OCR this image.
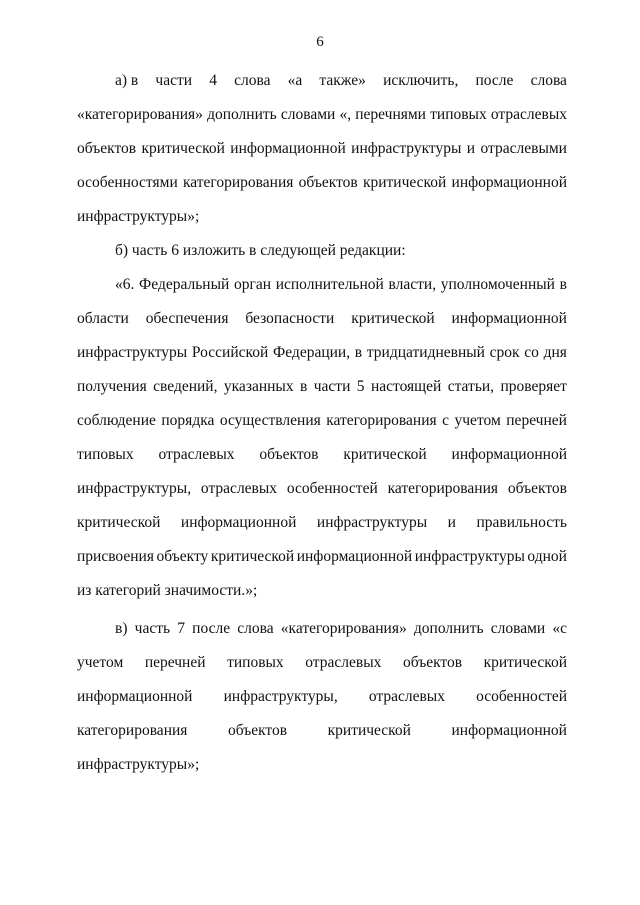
6
а) в части 4 слова «а также» исключить, после слова
«категорирования» дополнить словами «, перечнями типовых отраслевых
объектов критической информационной инфраструктуры и отраслевыми
особенностями категорирования объектов критической информационной
инфраструктуры»;
б) часть 6 изложить в следующей редакции:
«6. Федеральный орган исполнительной власти, уполномоченный в
области обеспечения безопасности критической информационной
инфраструктуры Российской Федерации, в тридцатидневный срок со дня
получения сведений, указанных в части 5 настоящей статьи, проверяет
соблюдение порядка осуществления категорирования с учетом перечней
типовых отраслевых объектов критической информационной
инфраструктуры, отраслевых особенностей категорирования объектов
критической информационной инфраструктуры и правильность
присвоения объекту критической информационной инфраструктуры одной
из категорий значимости.»;
в) часть 7 после слова «категорирования» дополнить словами «с
учетом перечней типовых отраслевых объектов критической
информационной инфраструктуры, отраслевых особенностей
категорирования	объектов	критической	информационной
инфраструктуры»;
